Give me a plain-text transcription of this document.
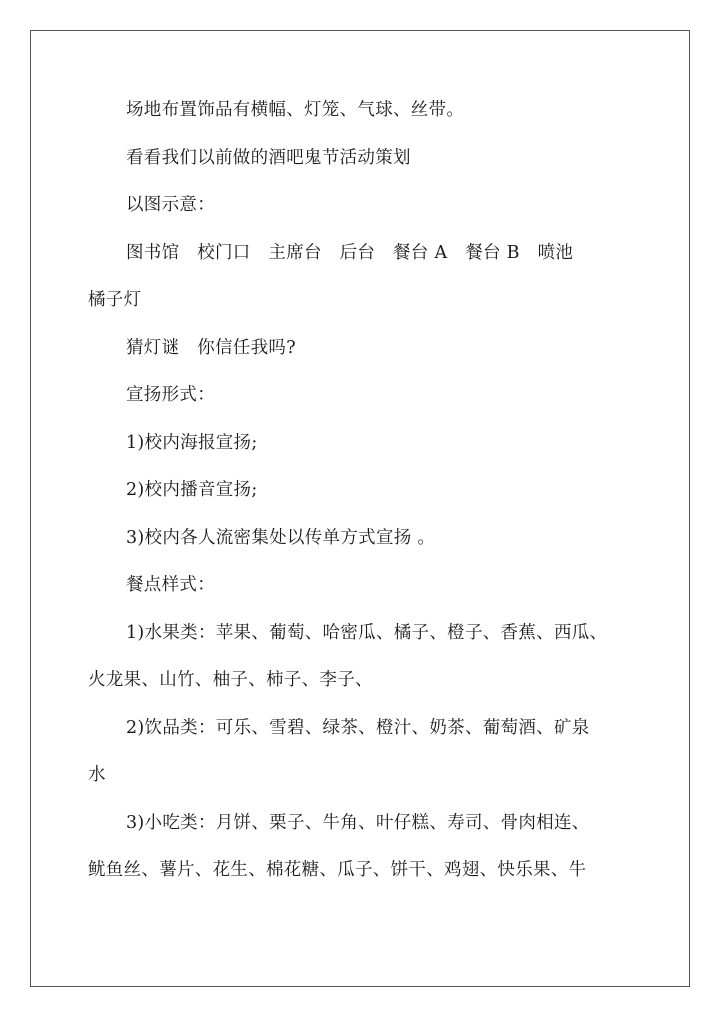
场地布置饰品有横幅、灯笼、气球、丝带。
看看我们以前做的酒吧鬼节活动策划
以图示意：
图书馆　校门口　主席台　后台　餐台 A　餐台 B　喷池
橘子灯
猜灯谜　你信任我吗?
宣扬形式：
1)校内海报宣扬;
2)校内播音宣扬;
3)校内各人流密集处以传单方式宣扬 。
餐点样式：
1)水果类：苹果、葡萄、哈密瓜、橘子、橙子、香蕉、西瓜、
火龙果、山竹、柚子、柿子、李子、
2)饮品类：可乐、雪碧、绿茶、橙汁、奶茶、葡萄酒、矿泉
水
3)小吃类：月饼、栗子、牛角、叶仔糕、寿司、骨肉相连、
鱿鱼丝、薯片、花生、棉花糖、瓜子、饼干、鸡翅、快乐果、牛
